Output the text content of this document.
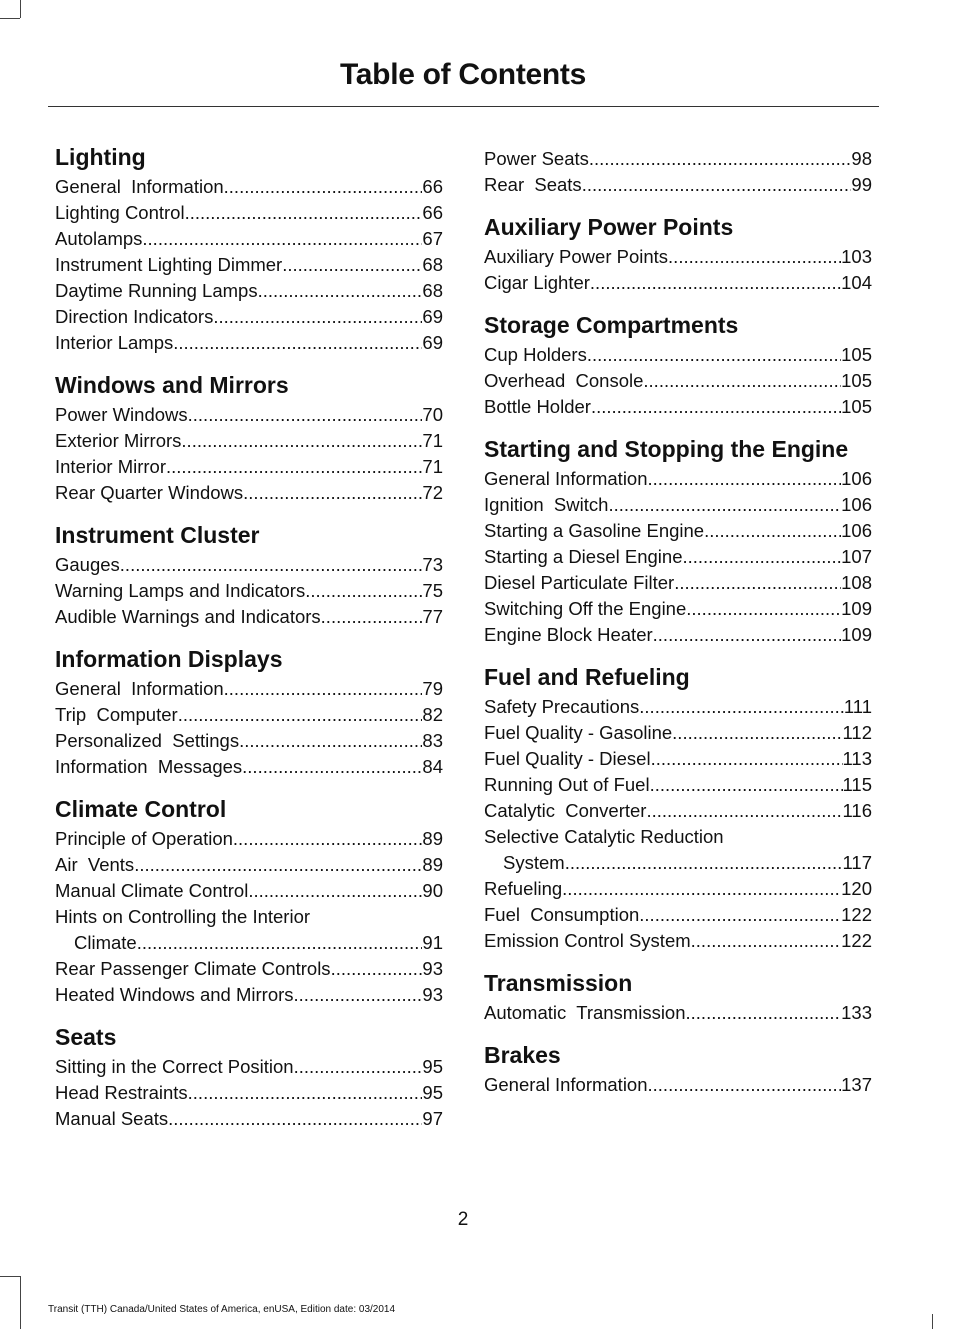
Table of Contents
Lighting
General  Information .....	66
Lighting Control .....	66
Autolamps .....	67
Instrument Lighting Dimmer .....	68
Daytime Running Lamps .....	68
Direction Indicators .....	69
Interior Lamps .....	69
Windows and Mirrors
Power Windows .....	70
Exterior Mirrors .....	71
Interior Mirror .....	71
Rear Quarter Windows .....	72
Instrument Cluster
Gauges .....	73
Warning Lamps and Indicators .....	75
Audible Warnings and Indicators .....	77
Information Displays
General  Information .....	79
Trip  Computer .....	82
Personalized  Settings .....	83
Information  Messages .....	84
Climate Control
Principle of Operation .....	89
Air  Vents .....	89
Manual Climate Control .....	90
Hints on Controlling the Interior
Climate .....	91
Rear Passenger Climate Controls .....	93
Heated Windows and Mirrors .....	93
Seats
Sitting in the Correct Position .....	95
Head Restraints .....	95
Manual Seats .....	97
Power Seats .....	98
Rear  Seats .....	99
Auxiliary Power Points
Auxiliary Power Points .....	103
Cigar Lighter .....	104
Storage Compartments
Cup Holders .....	105
Overhead  Console .....	105
Bottle Holder .....	105
Starting and Stopping the Engine
General Information .....	106
Ignition  Switch .....	106
Starting a Gasoline Engine .....	106
Starting a Diesel Engine .....	107
Diesel Particulate Filter .....	108
Switching Off the Engine .....	109
Engine Block Heater .....	109
Fuel and Refueling
Safety Precautions .....	111
Fuel Quality - Gasoline .....	112
Fuel Quality - Diesel .....	113
Running Out of Fuel .....	115
Catalytic  Converter .....	116
Selective Catalytic Reduction
System .....	117
Refueling .....	120
Fuel  Consumption .....	122
Emission Control System .....	122
Transmission
Automatic  Transmission .....	133
Brakes
General Information .....	137
2
Transit (TTH) Canada/United States of America, enUSA, Edition date: 03/2014
